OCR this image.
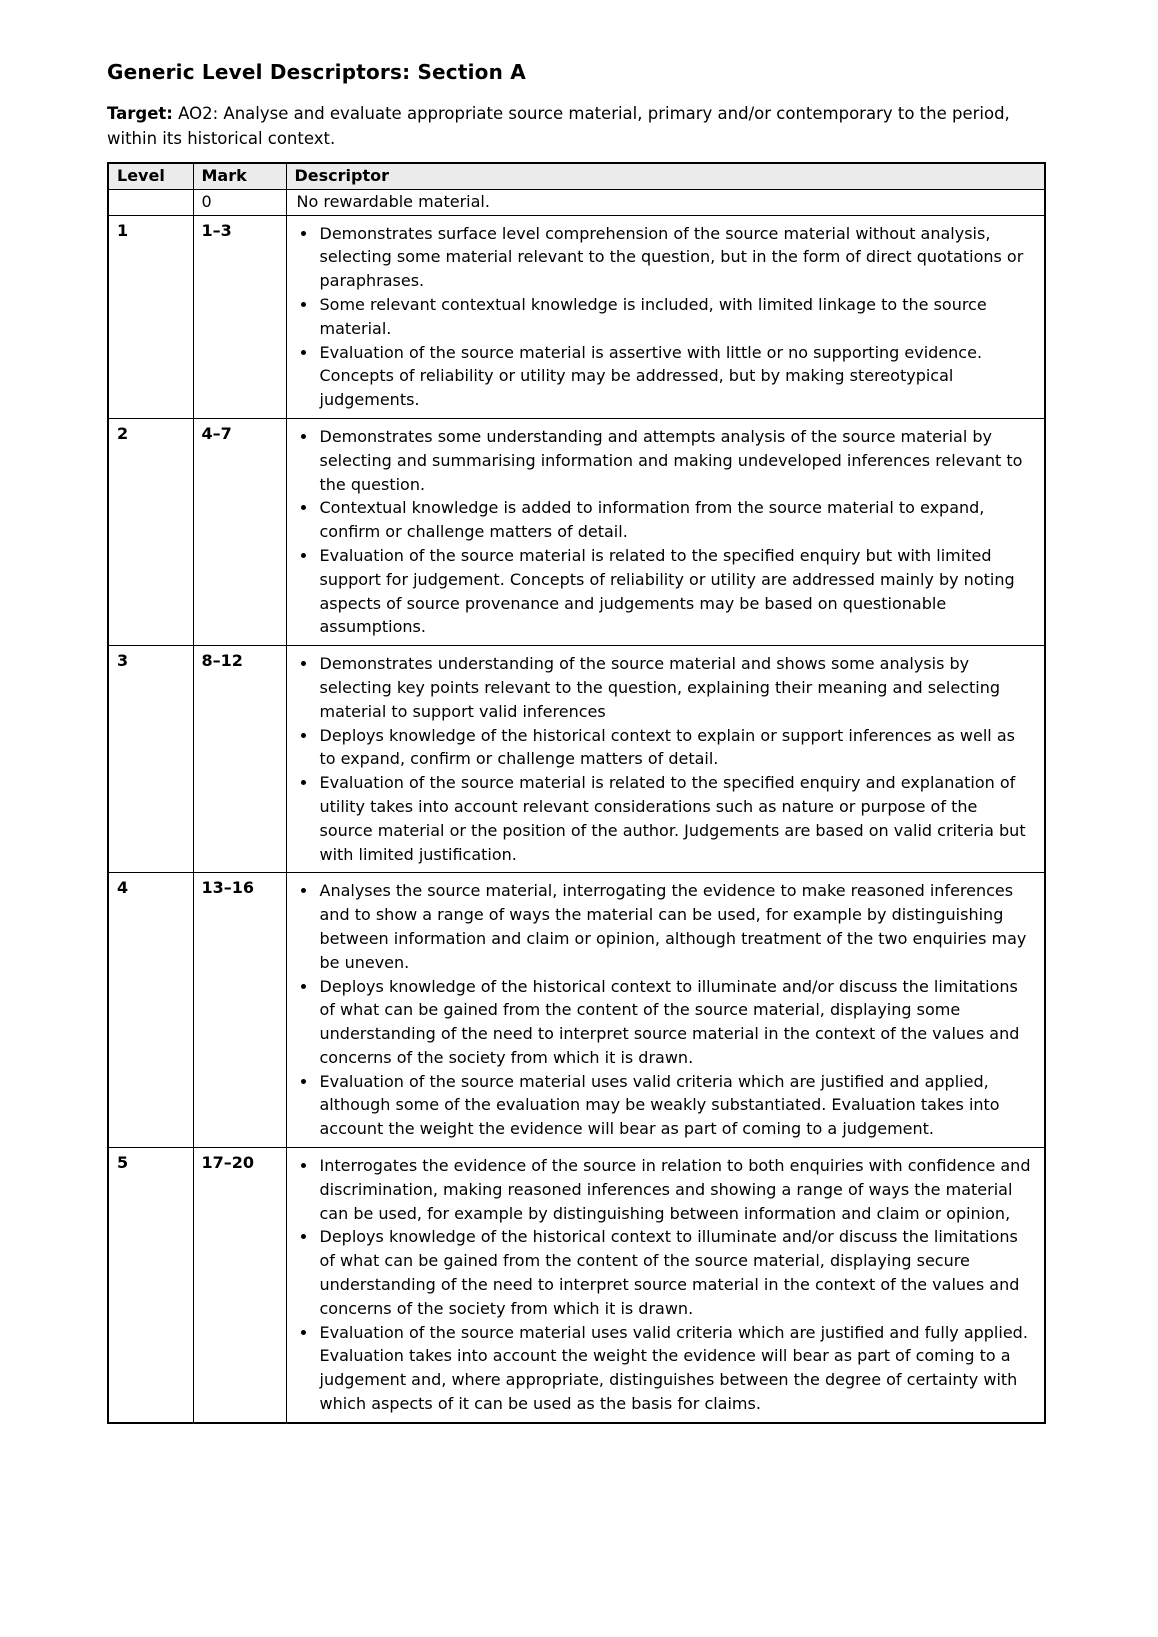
Generic Level Descriptors: Section A

Target: AO2: Analyse and evaluate appropriate source material, primary and/or contemporary to the period, within its historical context.

Level	Mark	Descriptor
	0	No rewardable material.
1	1–3	
•Demonstrates surface level comprehension of the source material without analysis, selecting some material relevant to the question, but in the form of direct quotations or paraphrases.
• Some relevant contextual knowledge is included, with limited linkage to the source material.
• Evaluation of the source material is assertive with little or no supporting evidence. Concepts of reliability or utility may be addressed, but by making stereotypical judgements.

2	4–7	
•Demonstrates some understanding and attempts analysis of the source material by selecting and summarising information and making undeveloped inferences relevant to the question.
• Contextual knowledge is added to information from the source material to expand, confirm or challenge matters of detail.
• Evaluation of the source material is related to the specified enquiry but with limited support for judgement. Concepts of reliability or utility are addressed mainly by noting aspects of source provenance and judgements may be based on questionable assumptions.

3	8–12	
•Demonstrates understanding of the source material and shows some analysis by selecting key points relevant to the question, explaining their meaning and selecting material to support valid inferences
• Deploys knowledge of the historical context to explain or support inferences as well as to expand, confirm or challenge matters of detail.
• Evaluation of the source material is related to the specified enquiry and explanation of utility takes into account relevant considerations such as nature or purpose of the source material or the position of the author. Judgements are based on valid criteria but with limited justification.

4	13–16	
•Analyses the source material, interrogating the evidence to make reasoned inferences and to show a range of ways the material can be used, for example by distinguishing between information and claim or opinion, although treatment of the two enquiries may be uneven.
• Deploys knowledge of the historical context to illuminate and/or discuss the limitations of what can be gained from the content of the source material, displaying some understanding of the need to interpret source material in the context of the values and concerns of the society from which it is drawn.
• Evaluation of the source material uses valid criteria which are justified and applied, although some of the evaluation may be weakly substantiated. Evaluation takes into account the weight the evidence will bear as part of coming to a judgement.

5	17–20	
•Interrogates the evidence of the source in relation to both enquiries with confidence and discrimination, making reasoned inferences and showing a range of ways the material can be used, for example by distinguishing between information and claim or opinion,
• Deploys knowledge of the historical context to illuminate and/or discuss the limitations of what can be gained from the content of the source material, displaying secure understanding of the need to interpret source material in the context of the values and concerns of the society from which it is drawn.
• Evaluation of the source material uses valid criteria which are justified and fully applied. Evaluation takes into account the weight the evidence will bear as part of coming to a judgement and, where appropriate, distinguishes between the degree of certainty with which aspects of it can be used as the basis for claims.
